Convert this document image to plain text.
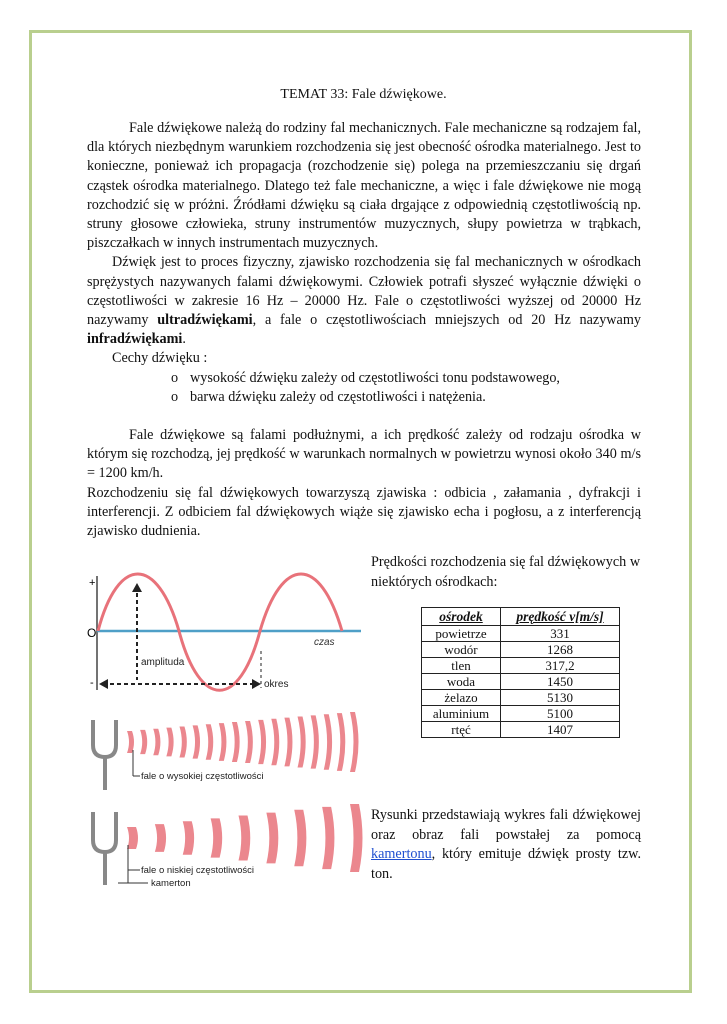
TEMAT 33: Fale dźwiękowe.

Fale dźwiękowe należą do rodziny fal mechanicznych. Fale mechaniczne są rodzajem fal, dla których niezbędnym warunkiem rozchodzenia się jest obecność ośrodka materialnego. Jest to konieczne, ponieważ ich propagacja (rozchodzenie się) polega na przemieszczaniu się drgań cząstek ośrodka materialnego. Dlatego też fale mechaniczne, a więc i fale dźwiękowe nie mogą rozchodzić się w próżni. Źródłami dźwięku są ciała drgające z odpowiednią częstotliwością np. struny głosowe człowieka, struny instrumentów muzycznych, słupy powietrza w trąbkach, piszczałkach w innych instrumentach muzycznych.

Dźwięk jest to proces fizyczny, zjawisko rozchodzenia się fal mechanicznych w ośrodkach sprężystych nazywanych falami dźwiękowymi. Człowiek potrafi słyszeć wyłącznie dźwięki o częstotliwości w zakresie 16 Hz – 20000 Hz. Fale o częstotliwości wyższej od 20000 Hz nazywamy ultradźwiękami, a fale o częstotliwościach mniejszych od 20 Hz nazywamy infradźwiękami.

Cechy dźwięku :

o wysokość dźwięku zależy od częstotliwości tonu podstawowego,
o barwa dźwięku zależy od częstotliwości i natężenia.

Fale dźwiękowe są falami podłużnymi, a ich prędkość zależy od rodzaju ośrodka w którym się rozchodzą, jej prędkość w warunkach normalnych w powietrzu wynosi około 340 m/s = 1200 km/h.

Rozchodzeniu się fal dźwiękowych towarzyszą zjawiska : odbicia , załamania , dyfrakcji i interferencji. Z odbiciem fal dźwiękowych wiąże się zjawisko echa i pogłosu, a z interferencją zjawisko dudnienia.

Prędkości rozchodzenia się fal dźwiękowych w niektórych ośrodkach:
ośrodek	prędkość v[m/s]
powietrze	331
wodór	1268
tlen	317,2
woda	1450
żelazo	5130
aluminium	5100
rtęć	1407
Rysunki przedstawiają wykres fali dźwiękowej oraz obraz fali powstałej za pomocą kamertonu, który emituje dźwięk prosty tzw. ton.
+
O
-
czas
amplituda
okres
fale o wysokiej częstotliwości
fale o niskiej częstotliwości
kamerton
